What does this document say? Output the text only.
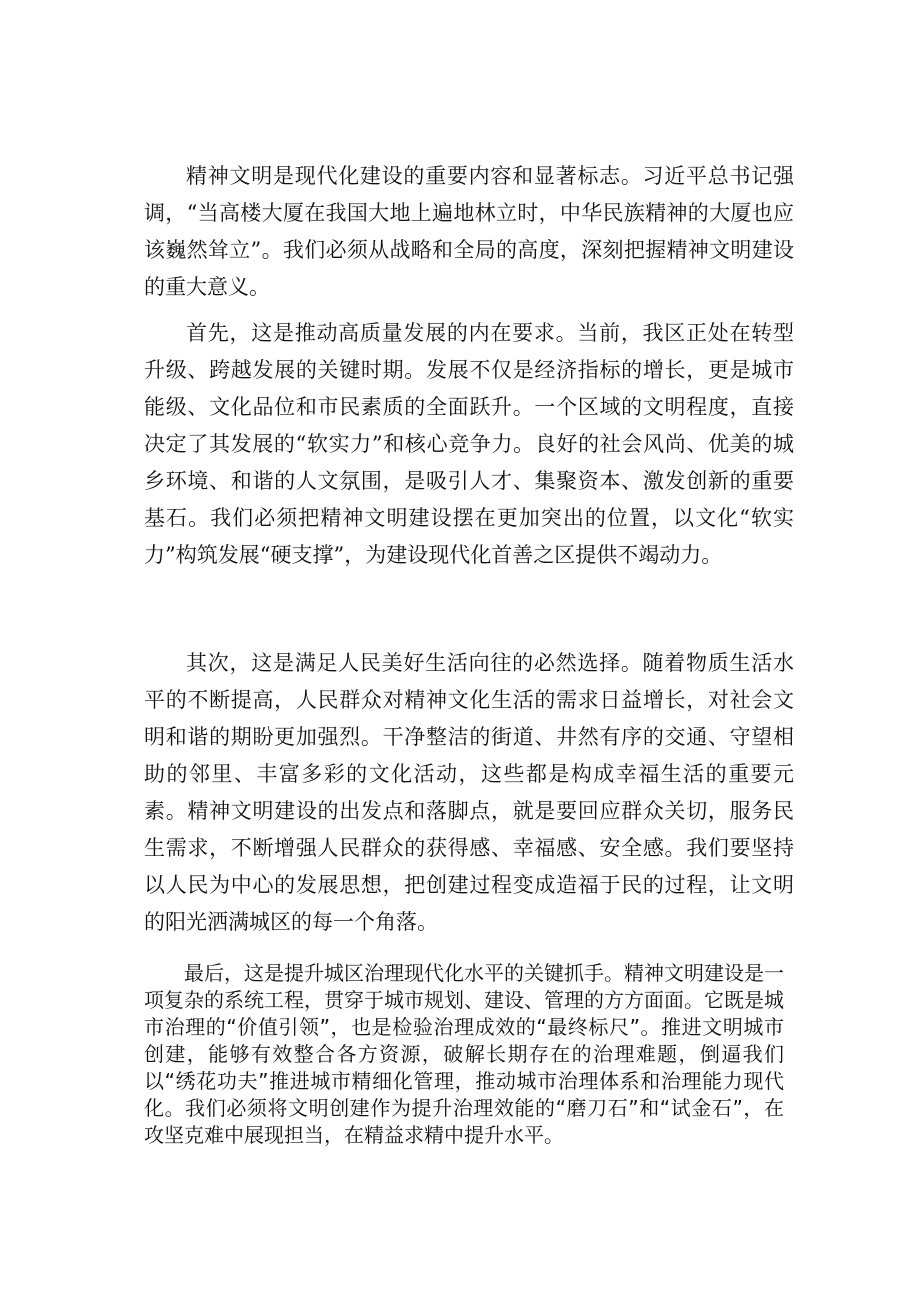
精神文明是现代化建设的重要内容和显著标志。习近平总书记强调，“当高楼大厦在我国大地上遍地林立时，中华民族精神的大厦也应该巍然耸立”。我们必须从战略和全局的高度，深刻把握精神文明建设的重大意义。

首先，这是推动高质量发展的内在要求。当前，我区正处在转型升级、跨越发展的关键时期。发展不仅是经济指标的增长，更是城市能级、文化品位和市民素质的全面跃升。一个区域的文明程度，直接决定了其发展的“软实力”和核心竞争力。良好的社会风尚、优美的城乡环境、和谐的人文氛围，是吸引人才、集聚资本、激发创新的重要基石。我们必须把精神文明建设摆在更加突出的位置，以文化“软实力”构筑发展“硬支撑”，为建设现代化首善之区提供不竭动力。

其次，这是满足人民美好生活向往的必然选择。随着物质生活水平的不断提高，人民群众对精神文化生活的需求日益增长，对社会文明和谐的期盼更加强烈。干净整洁的街道、井然有序的交通、守望相助的邻里、丰富多彩的文化活动，这些都是构成幸福生活的重要元素。精神文明建设的出发点和落脚点，就是要回应群众关切，服务民生需求，不断增强人民群众的获得感、幸福感、安全感。我们要坚持以人民为中心的发展思想，把创建过程变成造福于民的过程，让文明的阳光洒满城区的每一个角落。

最后，这是提升城区治理现代化水平的关键抓手。精神文明建设是一项复杂的系统工程，贯穿于城市规划、建设、管理的方方面面。它既是城市治理的“价值引领”，也是检验治理成效的“最终标尺”。推进文明城市创建，能够有效整合各方资源，破解长期存在的治理难题，倒逼我们以“绣花功夫”推进城市精细化管理，推动城市治理体系和治理能力现代化。我们必须将文明创建作为提升治理效能的“磨刀石”和“试金石”，在攻坚克难中展现担当，在精益求精中提升水平。
